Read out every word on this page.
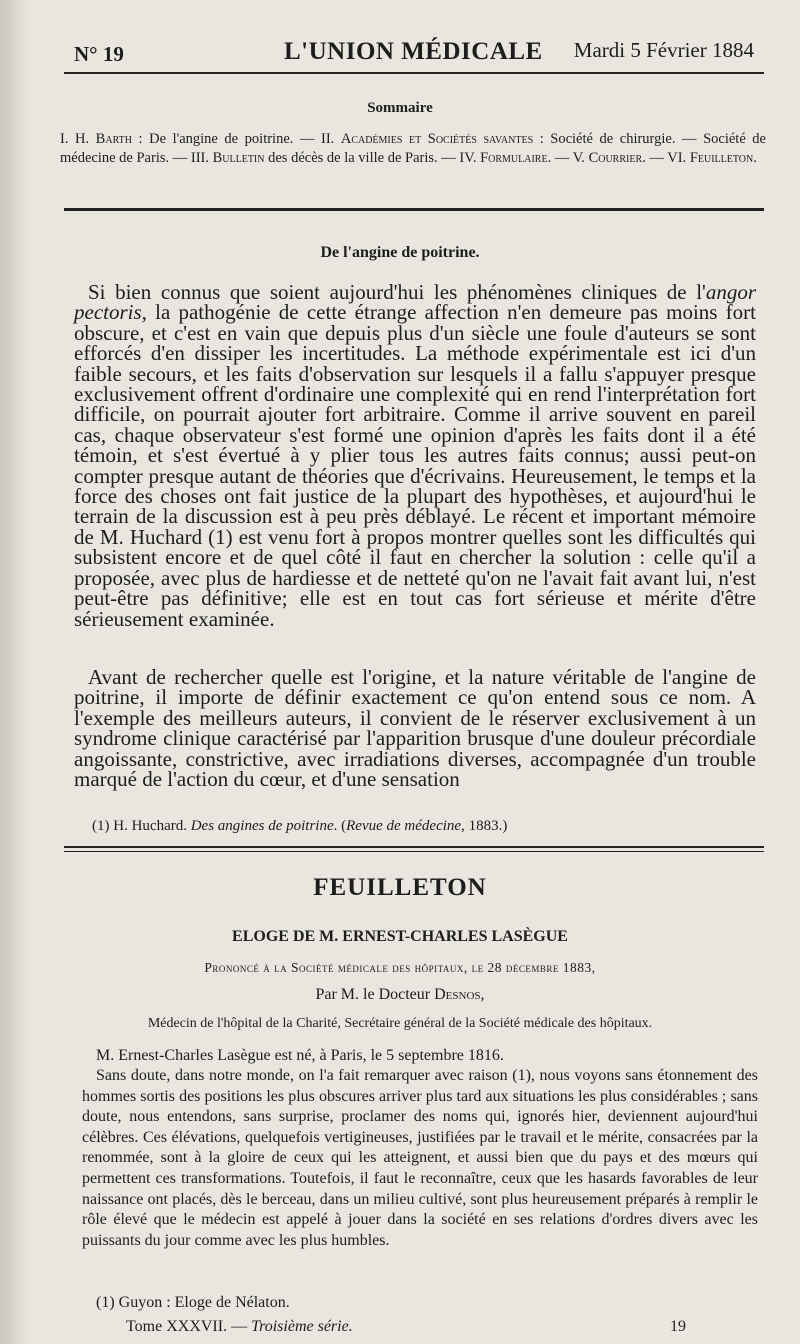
N° 19	L'UNION MÉDICALE Mardi 5 Février 1884
Sommaire
I. H. Barth : De l'angine de poitrine. — II. Académies et Sociétés savantes : Société de chirurgie. — Société de médecine de Paris. — III. Bulletin des décès de la ville de Paris. — IV. Formulaire. — V. Courrier. — VI. Feuilleton.
De l'angine de poitrine.

Si bien connus que soient aujourd'hui les phénomènes cliniques de l'angor pectoris, la pathogénie de cette étrange affection n'en demeure pas moins fort obscure, et c'est en vain que depuis plus d'un siècle une foule d'auteurs se sont efforcés d'en dissiper les incertitudes. La méthode expérimentale est ici d'un faible secours, et les faits d'observation sur lesquels il a fallu s'appuyer presque exclusivement offrent d'ordinaire une complexité qui en rend l'interprétation fort difficile, on pourrait ajouter fort arbitraire. Comme il arrive souvent en pareil cas, chaque observateur s'est formé une opinion d'après les faits dont il a été témoin, et s'est évertué à y plier tous les autres faits connus; aussi peut-on compter presque autant de théories que d'écrivains. Heureusement, le temps et la force des choses ont fait justice de la plupart des hypothèses, et aujourd'hui le terrain de la discussion est à peu près déblayé. Le récent et important mémoire de M. Huchard (1) est venu fort à propos montrer quelles sont les difficultés qui subsistent encore et de quel côté il faut en chercher la solution : celle qu'il a proposée, avec plus de hardiesse et de netteté qu'on ne l'avait fait avant lui, n'est peut-être pas définitive; elle est en tout cas fort sérieuse et mérite d'être sérieusement examinée.

Avant de rechercher quelle est l'origine, et la nature véritable de l'angine de poitrine, il importe de définir exactement ce qu'on entend sous ce nom. A l'exemple des meilleurs auteurs, il convient de le réserver exclusivement à un syndrome clinique caractérisé par l'apparition brusque d'une douleur précordiale angoissante, constrictive, avec irradiations diverses, accompagnée d'un trouble marqué de l'action du cœur, et d'une sensation

(1) H. Huchard. Des angines de poitrine. (Revue de médecine, 1883.)
FEUILLETON
ELOGE DE M. ERNEST-CHARLES LASÈGUE
Prononcé à la Société médicale des hôpitaux, le 28 décembre 1883,
Par M. le Docteur Desnos,
Médecin de l'hôpital de la Charité, Secrétaire général de la Société médicale des hôpitaux.

M. Ernest-Charles Lasègue est né, à Paris, le 5 septembre 1816.

Sans doute, dans notre monde, on l'a fait remarquer avec raison (1), nous voyons sans étonnement des hommes sortis des positions les plus obscures arriver plus tard aux situations les plus considérables ; sans doute, nous entendons, sans surprise, proclamer des noms qui, ignorés hier, deviennent aujourd'hui célèbres. Ces élévations, quelquefois vertigineuses, justifiées par le travail et le mérite, consacrées par la renommée, sont à la gloire de ceux qui les atteignent, et aussi bien que du pays et des mœurs qui permettent ces transformations. Toutefois, il faut le reconnaître, ceux que les hasards favorables de leur naissance ont placés, dès le berceau, dans un milieu cultivé, sont plus heureusement préparés à remplir le rôle élevé que le médecin est appelé à jouer dans la société en ses relations d'ordres divers avec les puissants du jour comme avec les plus humbles.

(1) Guyon : Eloge de Nélaton.
Tome XXXVII. — Troisième série.	19
